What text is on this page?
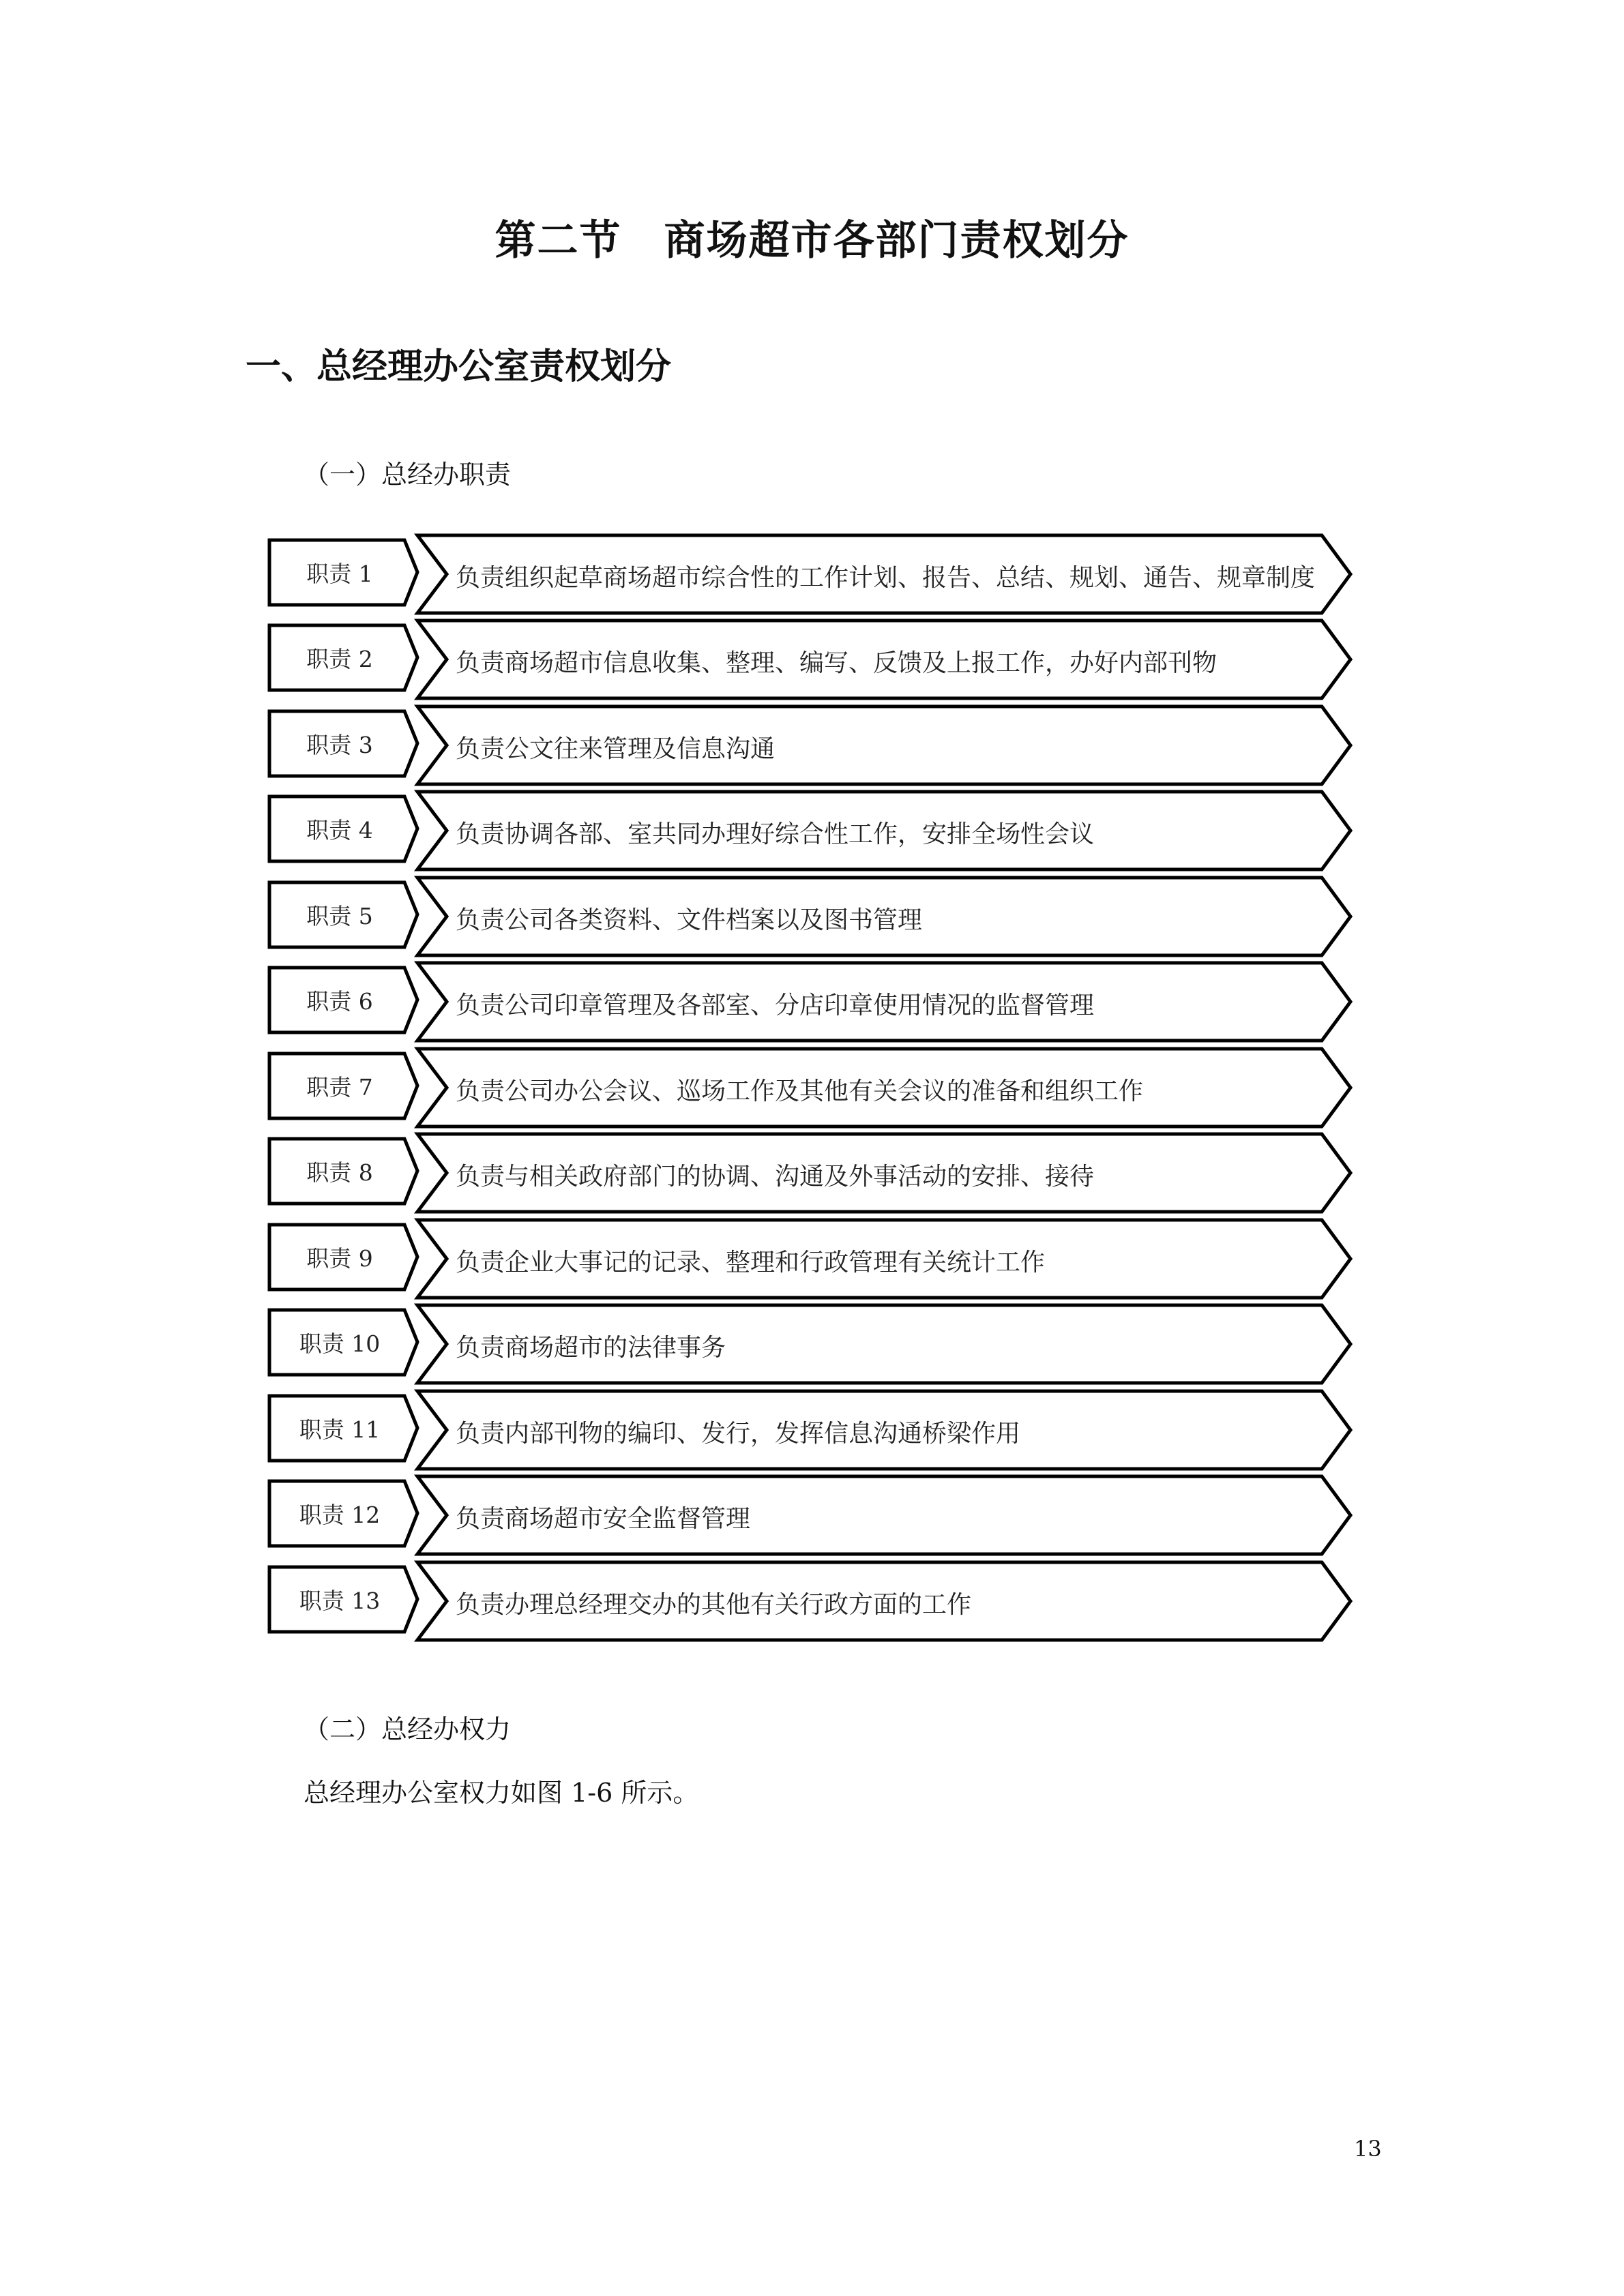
第二节　商场超市各部门责权划分
一、总经理办公室责权划分
（一）总经办职责
职责 1	负责组织起草商场超市综合性的工作计划、报告、总结、规划、通告、规章制度
职责 2	负责商场超市信息收集、整理、编写、反馈及上报工作，办好内部刊物
职责 3	负责公文往来管理及信息沟通
职责 4	负责协调各部、室共同办理好综合性工作，安排全场性会议
职责 5	负责公司各类资料、文件档案以及图书管理
职责 6	负责公司印章管理及各部室、分店印章使用情况的监督管理
职责 7	负责公司办公会议、巡场工作及其他有关会议的准备和组织工作
职责 8	负责与相关政府部门的协调、沟通及外事活动的安排、接待
职责 9	负责企业大事记的记录、整理和行政管理有关统计工作
职责 10	负责商场超市的法律事务
职责 11	负责内部刊物的编印、发行，发挥信息沟通桥梁作用
职责 12	负责商场超市安全监督管理
职责 13	负责办理总经理交办的其他有关行政方面的工作
（二）总经办权力
总经理办公室权力如图 1-6 所示。
13
